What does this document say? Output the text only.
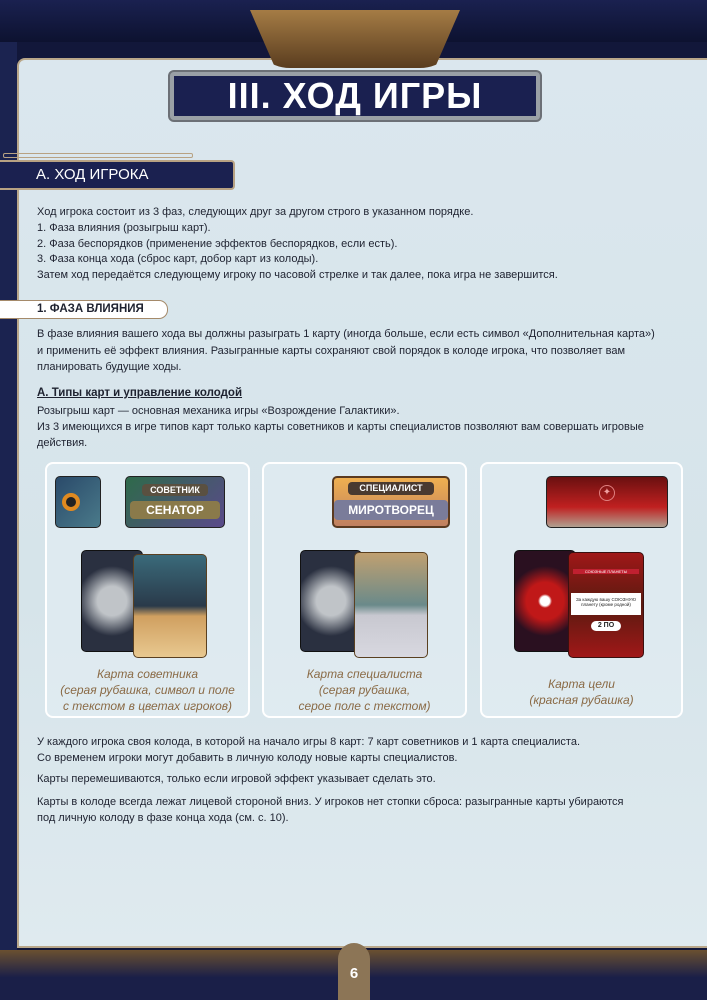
III. ХОД ИГРЫ
А. ХОД ИГРОКА
Ход игрока состоит из 3 фаз, следующих друг за другом строго в указанном порядке.
1. Фаза влияния (розыгрыш карт).
2. Фаза беспорядков (применение эффектов беспорядков, если есть).
3. Фаза конца хода (сброс карт, добор карт из колоды).
Затем ход передаётся следующему игроку по часовой стрелке и так далее, пока игра не завершится.
1. ФАЗА ВЛИЯНИЯ
В фазе влияния вашего хода вы должны разыграть 1 карту (иногда больше, если есть символ «Дополнительная карта»)
и применить её эффект влияния. Разыгранные карты сохраняют свой порядок в колоде игрока, что позволяет вам
планировать будущие ходы.
А. Типы карт и управление колодой
Розыгрыш карт — основная механика игры «Возрождение Галактики».
Из 3 имеющихся в игре типов карт только карты советников и карты специалистов позволяют вам совершать игровые
действия.
СОВЕТНИК
СЕНАТОР
Карта советника
(серая рубашка, символ и поле
с текстом в цветах игроков)
СПЕЦИАЛИСТ
МИРОТВОРЕЦ
Карта специалиста
(серая рубашка,
серое поле с текстом)
✦
СОЮЗНЫЕ ПЛАНЕТЫ
За каждую вашу СОЮЗНУЮ планету (кроме родной)
2 ПО
Карта цели
(красная рубашка)
У каждого игрока своя колода, в которой на начало игры 8 карт: 7 карт советников и 1 карта специалиста.
Со временем игроки могут добавить в личную колоду новые карты специалистов.
Карты перемешиваются, только если игровой эффект указывает сделать это.
Карты в колоде всегда лежат лицевой стороной вниз. У игроков нет стопки сброса: разыгранные карты убираются
под личную колоду в фазе конца хода (см. с. 10).
6
